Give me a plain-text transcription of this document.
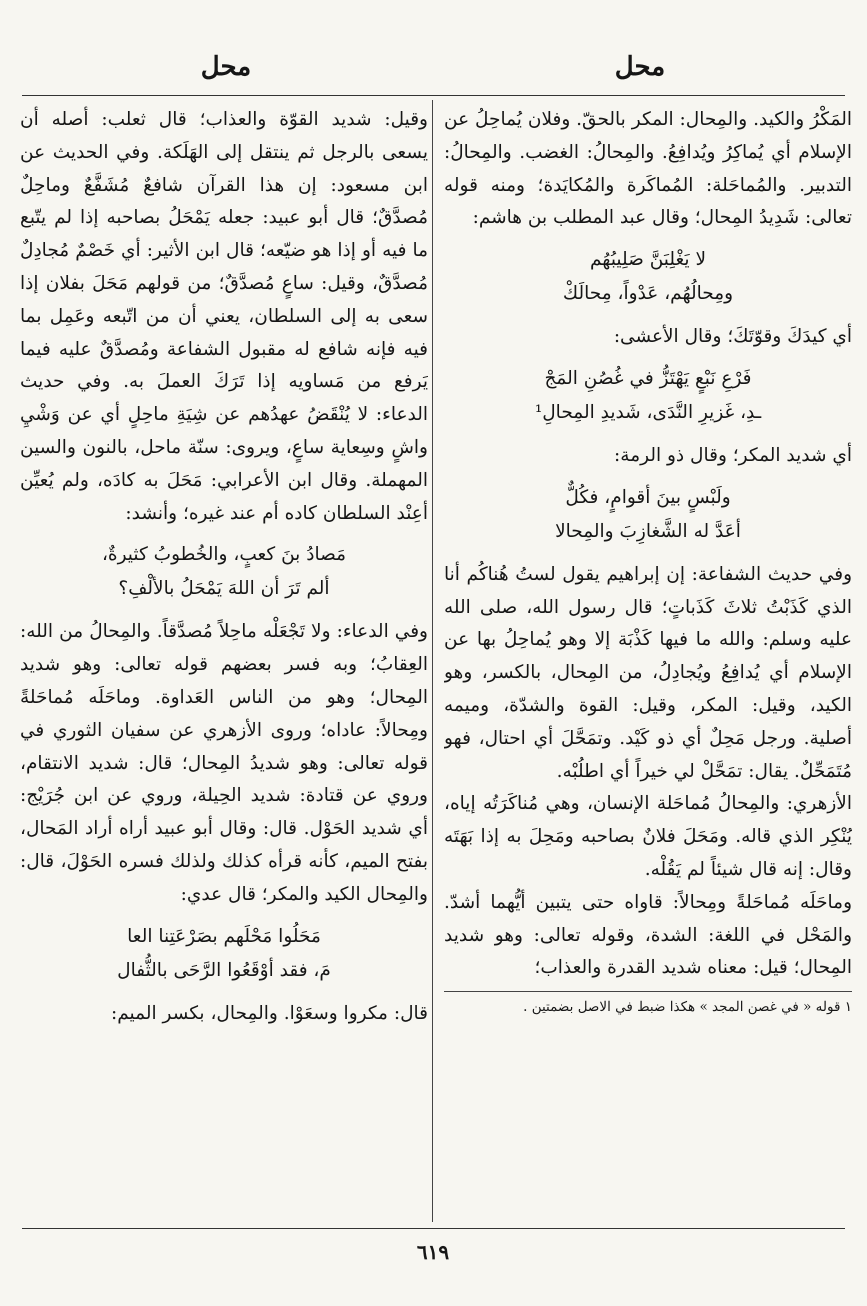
محل
محل

المَكْرُ والكيد. والمِحال: المكر بالحقّ. وفلان يُماحِلُ عن الإسلام أي يُماكِرُ ويُدافِعُ. والمِحالُ: الغضب. والمِحالُ: التدبير. والمُماحَلة: المُماكَرة والمُكايَدة؛ ومنه قوله تعالى: شَدِيدُ المِحال؛ وقال عبد المطلب بن هاشم:

لا يَغْلِبَنَّ صَلِيبُهُم
ومِحالُهُم، عَدْواً، مِحالَكْ

أي كيدَكَ وقوّتَكَ؛ وقال الأعشى:

فَرْعِ نَبْعٍ يَهْتَزُّ في غُصُنِ المَجْ
ـدِ، غَزيرِ النَّدَى، شَديدِ المِحالِ¹

أي شديد المكر؛ وقال ذو الرمة:

ولَبْسٍ بينَ أقوامٍ، فكُلٌّ
أعَدَّ له الشَّغازِبَ والمِحالا

وفي حديث الشفاعة: إن إبراهيم يقول لستُ هُناكُم أنا الذي كَذَبْتُ ثلاثَ كَذَباتٍ؛ قال رسول الله، صلى الله عليه وسلم: والله ما فيها كَذْبَة إلا وهو يُماحِلُ بها عن الإسلام أي يُدافِعُ ويُجادِلُ، من المِحال، بالكسر، وهو الكيد، وقيل: المكر، وقيل: القوة والشدّة، وميمه أصلية. ورجل مَحِلٌ أي ذو كَيْد. وتمَحَّلَ أي احتال، فهو مُتَمَحِّلٌ. يقال: تمَحَّلْ لي خيراً أي اطلُبْه.

الأزهري: والمِحالُ مُماحَلة الإنسان، وهي مُناكَرَتُه إياه، يُنْكِر الذي قاله. ومَحَلَ فلانٌ بصاحبه ومَحِلَ به إذا بَهَتَه وقال: إنه قال شيئاً لم يَقُلْه.

وماحَلَه مُماحَلةً ومِحالاً: قاواه حتى يتبين أيُّهما أشدّ. والمَحْل في اللغة: الشدة، وقوله تعالى: وهو شديد المِحال؛ قيل: معناه شديد القدرة والعذاب؛

١ قوله « في غصن المجد » هكذا ضبط في الاصل بضمتين .

وقيل: شديد القوّة والعذاب؛ قال ثعلب: أصله أن يسعى بالرجل ثم ينتقل إلى الهَلَكة. وفي الحديث عن ابن مسعود: إن هذا القرآن شافعٌ مُشَفَّعٌ وماحِلٌ مُصدَّقٌ؛ قال أبو عبيد: جعله يَمْحَلُ بصاحبه إذا لم يتّبع ما فيه أو إذا هو ضيّعه؛ قال ابن الأثير: أي خَصْمٌ مُجادِلٌ مُصدَّقٌ، وقيل: ساعٍ مُصدَّقٌ؛ من قولهم مَحَلَ بفلان إذا سعى به إلى السلطان، يعني أن من اتّبعه وعَمِل بما فيه فإنه شافع له مقبول الشفاعة ومُصدَّقٌ عليه فيما يَرفع من مَساويه إذا تَرَكَ العملَ به. وفي حديث الدعاء: لا يُنْقَضُ عهدُهم عن شِيَةِ ماحِلٍ أي عن وَشْيِ واشٍ وسِعاية ساعٍ، ويروى: سنّة ماحل، بالنون والسين المهملة. وقال ابن الأعرابي: مَحَلَ به كادَه، ولم يُعيِّن أعِنْد السلطان كاده أم عند غيره؛ وأنشد:

مَصادُ بنَ كعبٍ، والخُطوبُ كثيرةٌ،
ألم تَرَ أن اللهَ يَمْحَلُ بالألْفِ؟

وفي الدعاء: ولا تَجْعَلْه ماحِلاً مُصدَّقاً. والمِحالُ من الله: العِقابُ؛ وبه فسر بعضهم قوله تعالى: وهو شديد المِحال؛ وهو من الناس العَداوة. وماحَلَه مُماحَلةً ومِحالاً: عاداه؛ وروى الأزهري عن سفيان الثوري في قوله تعالى: وهو شديدُ المِحال؛ قال: شديد الانتقام، وروي عن قتادة: شديد الحِيلة، وروي عن ابن جُرَيْج: أي شديد الحَوْل. قال: وقال أبو عبيد أراه أراد المَحال، بفتح الميم، كأنه قرأه كذلك ولذلك فسره الحَوْلَ، قال: والمِحال الكيد والمكر؛ قال عدي:

مَحَلُوا مَحْلَهم بصَرْعَتِنا العا
مَ، فقد أوْقَعُوا الرَّحَى بالثُّفال

قال: مكروا وسعَوْا. والمِحال، بكسر الميم:

٦١٩
